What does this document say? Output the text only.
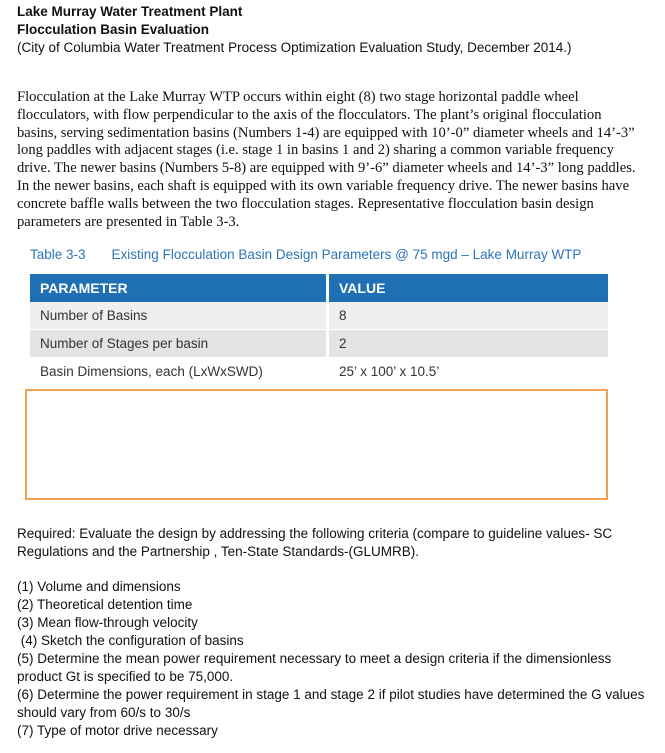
Lake Murray Water Treatment Plant
Flocculation Basin Evaluation
(City of Columbia Water Treatment Process Optimization Evaluation Study, December 2014.)
Flocculation at the Lake Murray WTP occurs within eight (8) two stage horizontal paddle wheel flocculators, with flow perpendicular to the axis of the flocculators. The plant’s original flocculation basins, serving sedimentation basins (Numbers 1-4) are equipped with 10’-0” diameter wheels and 14’-3” long paddles with adjacent stages (i.e. stage 1 in basins 1 and 2) sharing a common variable frequency drive. The newer basins (Numbers 5-8) are equipped with 9’-6” diameter wheels and 14’-3” long paddles. In the newer basins, each shaft is equipped with its own variable frequency drive. The newer basins have concrete baffle walls between the two flocculation stages. Representative flocculation basin design parameters are presented in Table 3-3.
Table 3-3 Existing Flocculation Basin Design Parameters @ 75 mgd – Lake Murray WTP
PARAMETER	VALUE
Number of Basins	8
Number of Stages per basin	2
Basin Dimensions, each (LxWxSWD)	25’ x 100’ x 10.5’
Required: Evaluate the design by addressing the following criteria (compare to guideline values- SC Regulations and the Partnership , Ten-State Standards-(GLUMRB).
(1) Volume and dimensions
(2) Theoretical detention time
(3) Mean flow-through velocity
(4) Sketch the configuration of basins
(5) Determine the mean power requirement necessary to meet a design criteria if the dimensionless product Gt is specified to be 75,000.
(6) Determine the power requirement in stage 1 and stage 2 if pilot studies have determined the G values should vary from 60/s to 30/s
(7) Type of motor drive necessary
